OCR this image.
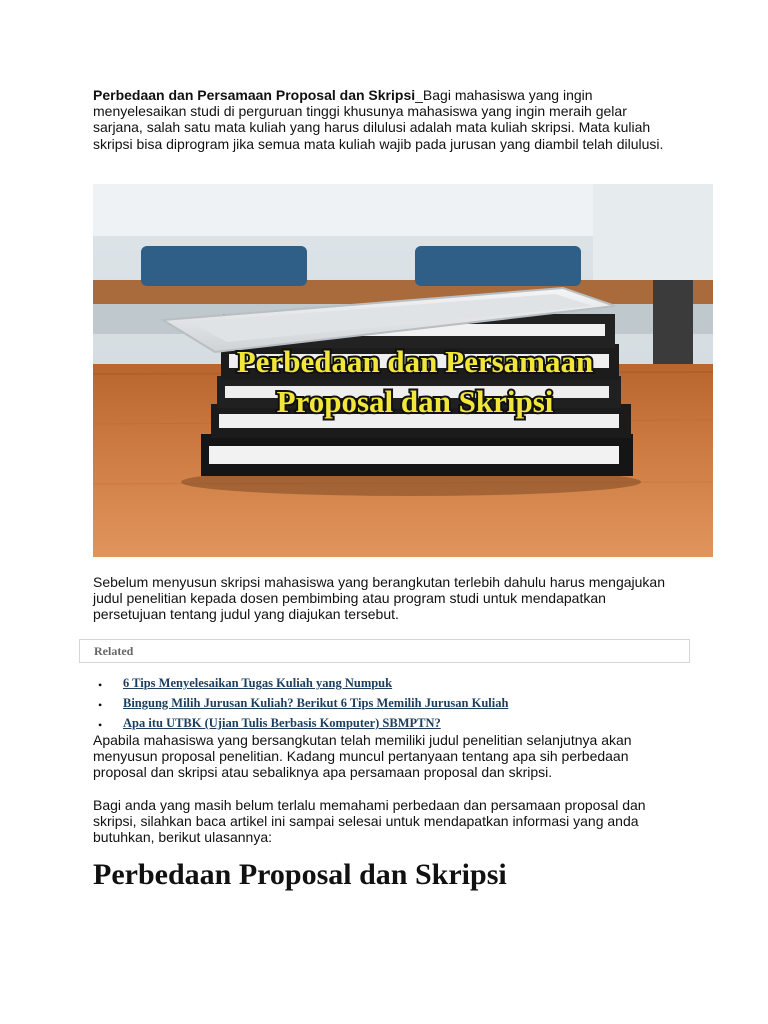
Perbedaan dan Persamaan Proposal dan Skripsi_Bagi mahasiswa yang ingin menyelesaikan studi di perguruan tinggi khusunya mahasiswa yang ingin meraih gelar sarjana, salah satu mata kuliah yang harus dilulusi adalah mata kuliah skripsi. Mata kuliah skripsi bisa diprogram jika semua mata kuliah wajib pada jurusan yang diambil telah dilulusi.

Perbedaan dan Persamaan
Proposal dan Skripsi

Sebelum menyusun skripsi mahasiswa yang berangkutan terlebih dahulu harus mengajukan judul penelitian kepada dosen pembimbing atau program studi untuk mendapatkan persetujuan tentang judul yang diajukan tersebut.

Related
• 6 Tips Menyelesaikan Tugas Kuliah yang Numpuk
• Bingung Milih Jurusan Kuliah? Berikut 6 Tips Memilih Jurusan Kuliah
• Apa itu UTBK (Ujian Tulis Berbasis Komputer) SBMPTN?

Apabila mahasiswa yang bersangkutan telah memiliki judul penelitian selanjutnya akan menyusun proposal penelitian. Kadang muncul pertanyaan tentang apa sih perbedaan proposal dan skripsi atau sebaliknya apa persamaan proposal dan skripsi.

Bagi anda yang masih belum terlalu memahami perbedaan dan persamaan proposal dan skripsi, silahkan baca artikel ini sampai selesai untuk mendapatkan informasi yang anda butuhkan, berikut ulasannya:

Perbedaan Proposal dan Skripsi
